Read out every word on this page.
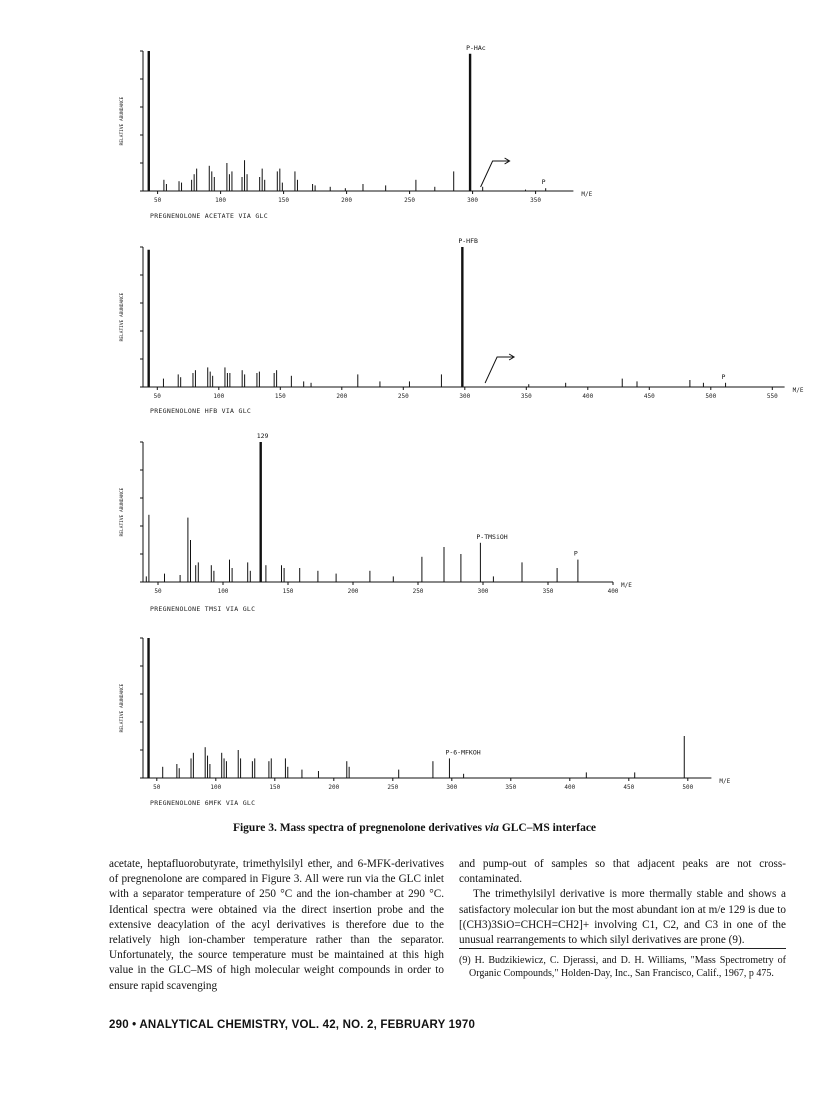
RELATIVE ABUNDANCE
50	100	150	200	250	300	350
M/E
P-HAc
P
PREGNENOLONE ACETATE VIA GLC
RELATIVE ABUNDANCE
50	100	150	200	250	300	350	400	450	500	550
M/E
P-HFB
P
PREGNENOLONE HFB VIA GLC
RELATIVE ABUNDANCE
50	100	150	200	250	300	350	400
M/E
129
P-TMSiOH
P
PREGNENOLONE TMSI VIA GLC
RELATIVE ABUNDANCE
50	100	150	200	250	300	350	400	450	500
M/E
P-6-MFKOH
PREGNENOLONE 6MFK VIA GLC
Figure 3. Mass spectra of pregnenolone derivatives via GLC–MS interface

acetate, heptafluorobutyrate, trimethylsilyl ether, and 6-MFK-derivatives of pregnenolone are compared in Figure 3. All were run via the GLC inlet with a separator temperature of 250 °C and the ion-chamber at 290 °C. Identical spectra were obtained via the direct insertion probe and the extensive deacylation of the acyl derivatives is therefore due to the relatively high ion-chamber temperature rather than the separator. Unfortunately, the source temperature must be maintained at this high value in the GLC–MS of high molecular weight compounds in order to ensure rapid scavenging

and pump-out of samples so that adjacent peaks are not cross-contaminated.

The trimethylsilyl derivative is more thermally stable and shows a satisfactory molecular ion but the most abundant ion at m/e 129 is due to [(CH3)3SiO=CHCH=CH2]+ involving C1, C2, and C3 in one of the unusual rearrangements to which silyl derivatives are prone (9).

(9) H. Budzikiewicz, C. Djerassi, and D. H. Williams, "Mass Spectrometry of Organic Compounds," Holden-Day, Inc., San Francisco, Calif., 1967, p 475.

290 • ANALYTICAL CHEMISTRY, VOL. 42, NO. 2, FEBRUARY 1970
